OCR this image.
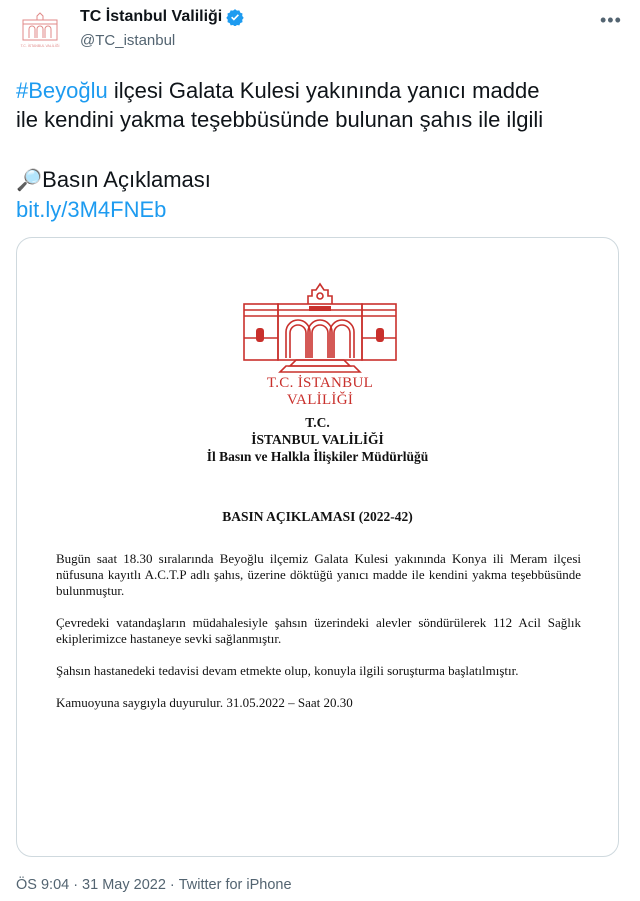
T.C. İSTANBUL VALİLİĞİ
TC İstanbul Valiliği
@TC_istanbul
•••

#Beyoğlu ilçesi Galata Kulesi yakınında yanıcı madde

ile kendini yakma teşebbüsünde bulunan şahıs ile ilgili

🔎Basın Açıklaması

bit.ly/3M4FNEb

T.C. İSTANBUL VALİLİĞİ
T.C.
İSTANBUL VALİLİĞİ
İl Basın ve Halkla İlişkiler Müdürlüğü
BASIN AÇIKLAMASI (2022-42)

Bugün saat 18.30 sıralarında Beyoğlu ilçemiz Galata Kulesi yakınında Konya ili Meram ilçesi nüfusuna kayıtlı A.C.T.P adlı şahıs, üzerine döktüğü yanıcı madde ile kendini yakma teşebbüsünde bulunmuştur.

Çevredeki vatandaşların müdahalesiyle şahsın üzerindeki alevler söndürülerek 112 Acil Sağlık ekiplerimizce hastaneye sevki sağlanmıştır.

Şahsın hastanedeki tedavisi devam etmekte olup, konuyla ilgili soruşturma başlatılmıştır.

Kamuoyuna saygıyla duyurulur. 31.05.2022 – Saat 20.30

ÖS 9:04 · 31 May 2022 · Twitter for iPhone
